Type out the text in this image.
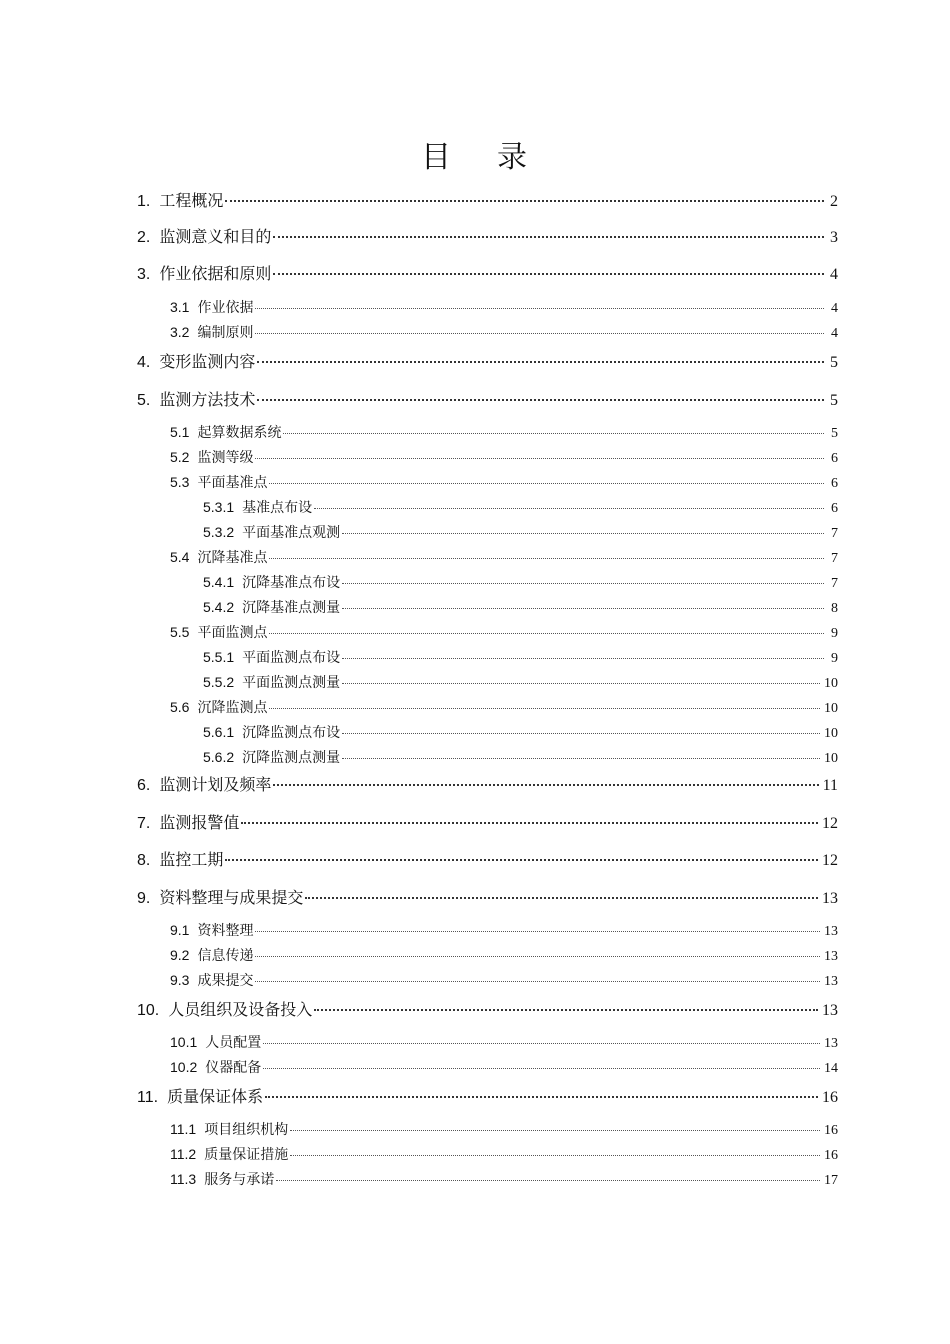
目 录
1. 工程概况	2
2. 监测意义和目的	3
3. 作业依据和原则	4
3.1 作业依据	4
3.2 编制原则	4
4. 变形监测内容	5
5. 监测方法技术	5
5.1 起算数据系统	5
5.2 监测等级	6
5.3 平面基准点	6
5.3.1 基准点布设	6
5.3.2 平面基准点观测	7
5.4 沉降基准点	7
5.4.1 沉降基准点布设	7
5.4.2 沉降基准点测量	8
5.5 平面监测点	9
5.5.1 平面监测点布设	9
5.5.2 平面监测点测量	10
5.6 沉降监测点	10
5.6.1 沉降监测点布设	10
5.6.2 沉降监测点测量	10
6. 监测计划及频率	11
7. 监测报警值	12
8. 监控工期	12
9. 资料整理与成果提交	13
9.1 资料整理	13
9.2 信息传递	13
9.3 成果提交	13
10. 人员组织及设备投入	13
10.1 人员配置	13
10.2 仪器配备	14
11. 质量保证体系	16
11.1 项目组织机构	16
11.2 质量保证措施	16
11.3 服务与承诺	17
